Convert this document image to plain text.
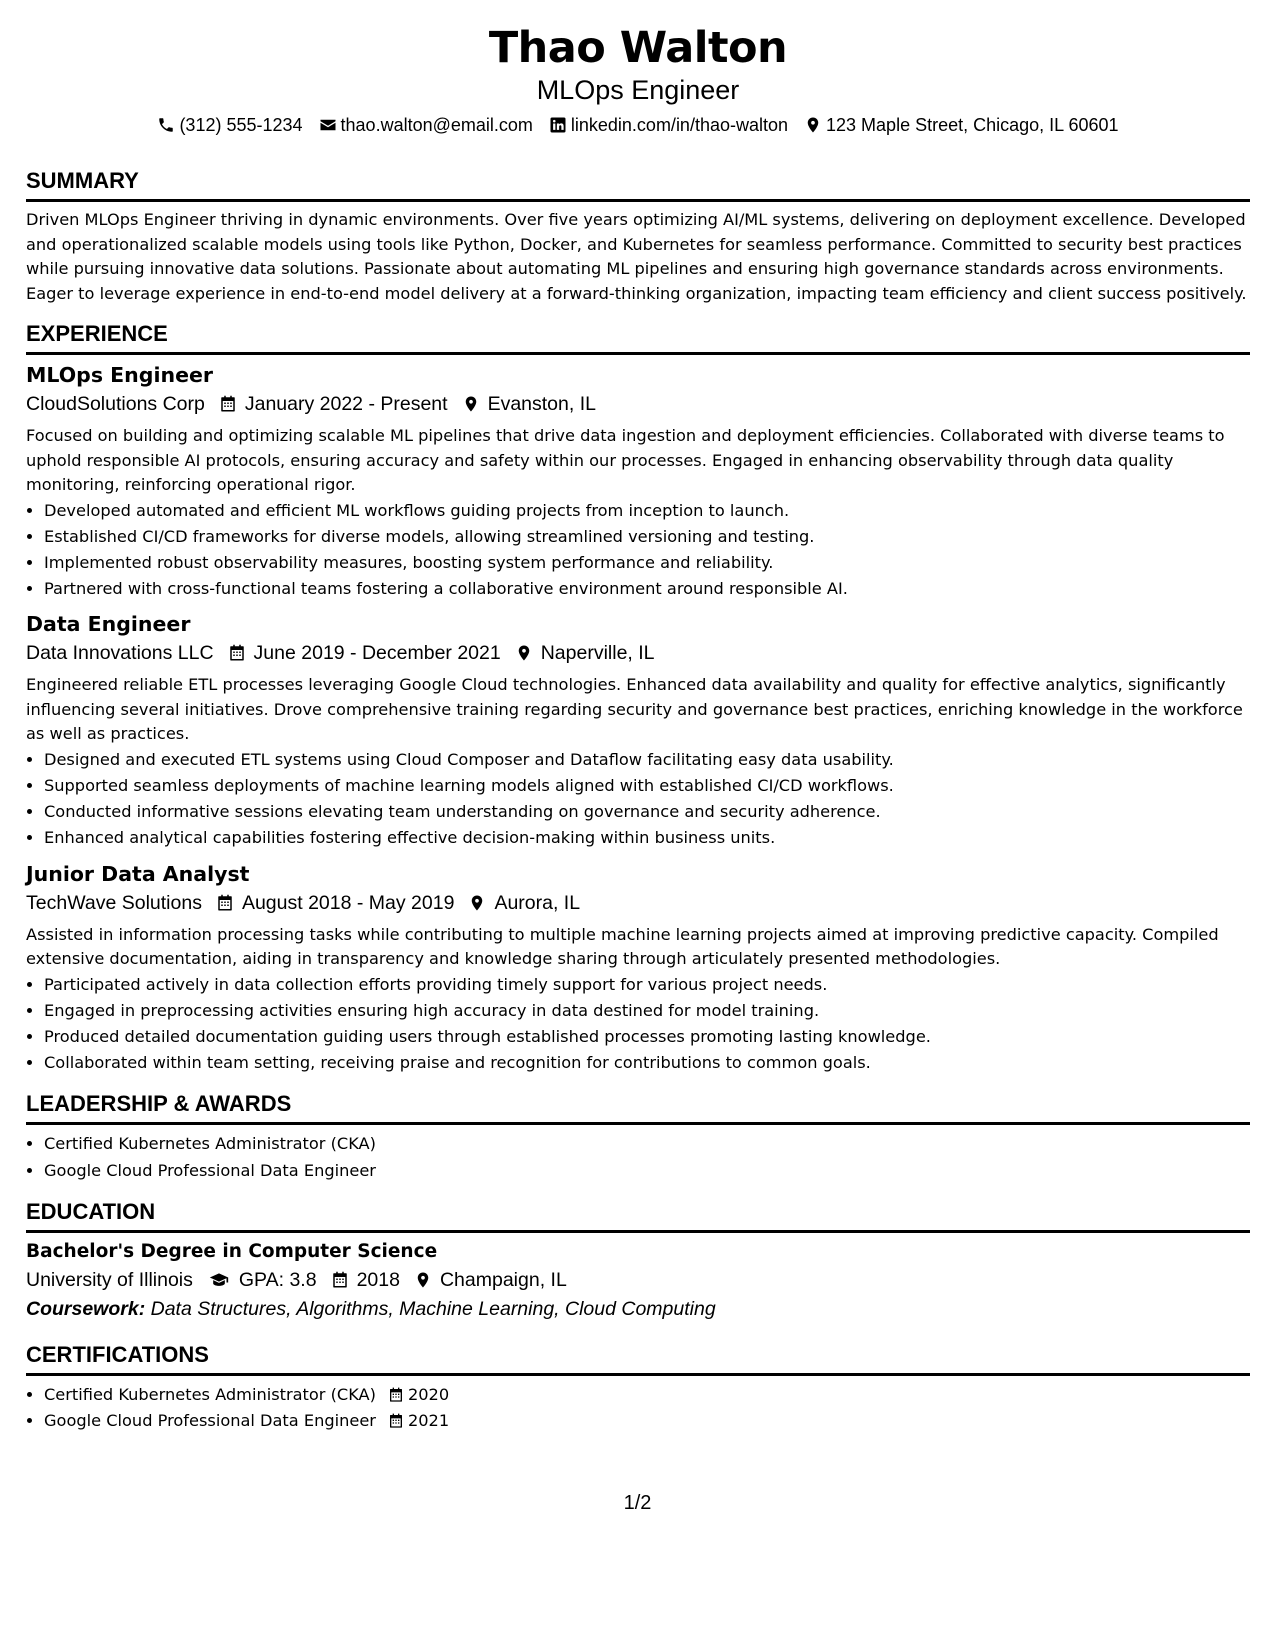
Thao Walton
MLOps Engineer
(312) 555-1234 thao.walton@email.com linkedin.com/in/thao-walton 123 Maple Street, Chicago, IL 60601
SUMMARY

Driven MLOps Engineer thriving in dynamic environments. Over five years optimizing AI/ML systems, delivering on deployment excellence. Developed and operationalized scalable models using tools like Python, Docker, and Kubernetes for seamless performance. Committed to security best practices while pursuing innovative data solutions. Passionate about automating ML pipelines and ensuring high governance standards across environments. Eager to leverage experience in end-to-end model delivery at a forward-thinking organization, impacting team efficiency and client success positively.

EXPERIENCE
MLOps Engineer
CloudSolutions Corp January 2022 - Present Evanston, IL

Focused on building and optimizing scalable ML pipelines that drive data ingestion and deployment efficiencies. Collaborated with diverse teams to uphold responsible AI protocols, ensuring accuracy and safety within our processes. Engaged in enhancing observability through data quality monitoring, reinforcing operational rigor.

• Developed automated and efficient ML workflows guiding projects from inception to launch.
• Established CI/CD frameworks for diverse models, allowing streamlined versioning and testing.
• Implemented robust observability measures, boosting system performance and reliability.
• Partnered with cross-functional teams fostering a collaborative environment around responsible AI.
Data Engineer
Data Innovations LLC June 2019 - December 2021 Naperville, IL

Engineered reliable ETL processes leveraging Google Cloud technologies. Enhanced data availability and quality for effective analytics, significantly influencing several initiatives. Drove comprehensive training regarding security and governance best practices, enriching knowledge in the workforce as well as practices.

• Designed and executed ETL systems using Cloud Composer and Dataflow facilitating easy data usability.
• Supported seamless deployments of machine learning models aligned with established CI/CD workflows.
• Conducted informative sessions elevating team understanding on governance and security adherence.
• Enhanced analytical capabilities fostering effective decision-making within business units.
Junior Data Analyst
TechWave Solutions August 2018 - May 2019 Aurora, IL

Assisted in information processing tasks while contributing to multiple machine learning projects aimed at improving predictive capacity. Compiled extensive documentation, aiding in transparency and knowledge sharing through articulately presented methodologies.

• Participated actively in data collection efforts providing timely support for various project needs.
• Engaged in preprocessing activities ensuring high accuracy in data destined for model training.
• Produced detailed documentation guiding users through established processes promoting lasting knowledge.
• Collaborated within team setting, receiving praise and recognition for contributions to common goals.
LEADERSHIP & AWARDS
• Certified Kubernetes Administrator (CKA)
• Google Cloud Professional Data Engineer
EDUCATION
Bachelor's Degree in Computer Science
University of Illinois GPA: 3.8 2018 Champaign, IL
Coursework: Data Structures, Algorithms, Machine Learning, Cloud Computing
CERTIFICATIONS
• Certified Kubernetes Administrator (CKA) 2020
• Google Cloud Professional Data Engineer 2021
1/2
